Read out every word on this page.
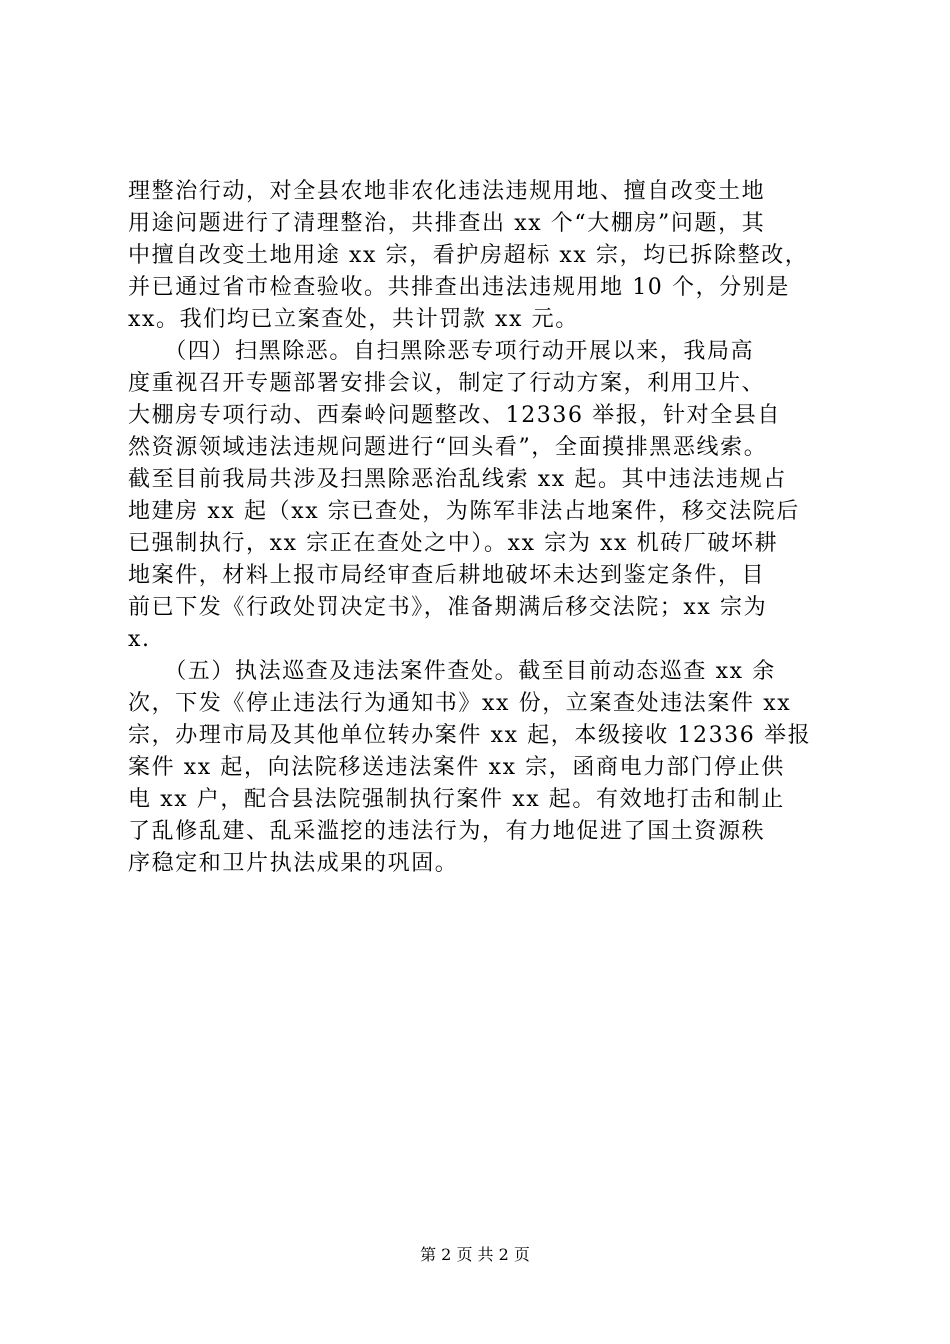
理整治行动，对全县农地非农化违法违规用地、擅自改变土地
用途问题进行了清理整治，共排查出 xx 个“大棚房”问题，其
中擅自改变土地用途 xx 宗，看护房超标 xx 宗，均已拆除整改，
并已通过省市检查验收。共排查出违法违规用地 10 个，分别是
xx。我们均已立案查处，共计罚款 xx 元。
　　（四）扫黑除恶。自扫黑除恶专项行动开展以来，我局高
度重视召开专题部署安排会议，制定了行动方案，利用卫片、
大棚房专项行动、西秦岭问题整改、12336 举报，针对全县自
然资源领域违法违规问题进行“回头看”，全面摸排黑恶线索。
截至目前我局共涉及扫黑除恶治乱线索 xx 起。其中违法违规占
地建房 xx 起（xx 宗已查处，为陈军非法占地案件，移交法院后
已强制执行，xx 宗正在查处之中）。xx 宗为 xx 机砖厂破坏耕
地案件，材料上报市局经审查后耕地破坏未达到鉴定条件，目
前已下发《行政处罚决定书》，准备期满后移交法院；xx 宗为
x.
　　（五）执法巡查及违法案件查处。截至目前动态巡查 xx 余
次，下发《停止违法行为通知书》xx 份，立案查处违法案件 xx
宗，办理市局及其他单位转办案件 xx 起，本级接收 12336 举报
案件 xx 起，向法院移送违法案件 xx 宗，函商电力部门停止供
电 xx 户，配合县法院强制执行案件 xx 起。有效地打击和制止
了乱修乱建、乱采滥挖的违法行为，有力地促进了国土资源秩
序稳定和卫片执法成果的巩固。
第 2 页 共 2 页
